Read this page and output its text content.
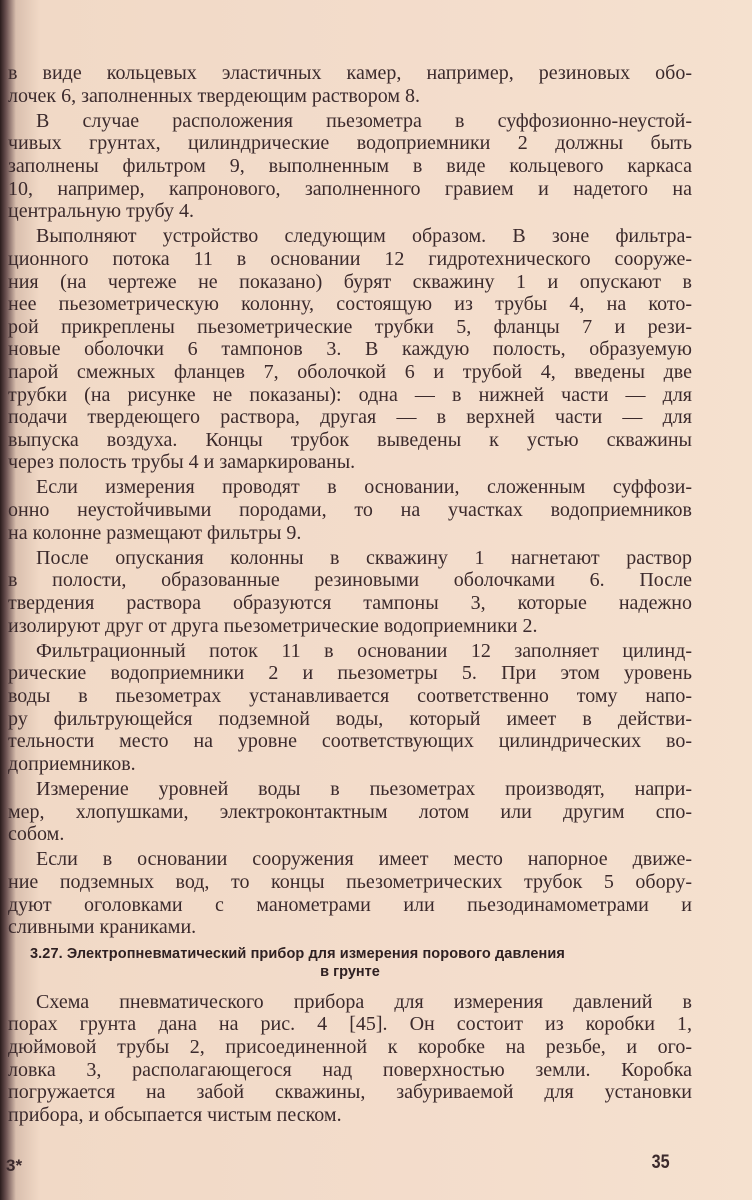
в виде кольцевых эластичных камер, например, резиновых обо-
лочек 6, заполненных твердеющим раствором 8.
В случае расположения пьезометра в суффозионно-неустой-
чивых грунтах, цилиндрические водоприемники 2 должны быть
заполнены фильтром 9, выполненным в виде кольцевого каркаса
10, например, капронового, заполненного гравием и надетого на
центральную трубу 4.
Выполняют устройство следующим образом. В зоне фильтра-
ционного потока 11 в основании 12 гидротехнического сооруже-
ния (на чертеже не показано) бурят скважину 1 и опускают в
нее пьезометрическую колонну, состоящую из трубы 4, на кото-
рой прикреплены пьезометрические трубки 5, фланцы 7 и рези-
новые оболочки 6 тампонов 3. В каждую полость, образуемую
парой смежных фланцев 7, оболочкой 6 и трубой 4, введены две
трубки (на рисунке не показаны): одна — в нижней части — для
подачи твердеющего раствора, другая — в верхней части — для
выпуска воздуха. Концы трубок выведены к устью скважины
через полость трубы 4 и замаркированы.
Если измерения проводят в основании, сложенным суффози-
онно неустойчивыми породами, то на участках водоприемников
на колонне размещают фильтры 9.
После опускания колонны в скважину 1 нагнетают раствор
в полости, образованные резиновыми оболочками 6. После
твердения раствора образуются тампоны 3, которые надежно
изолируют друг от друга пьезометрические водоприемники 2.
Фильтрационный поток 11 в основании 12 заполняет цилинд-
рические водоприемники 2 и пьезометры 5. При этом уровень
воды в пьезометрах устанавливается соответственно тому напо-
ру фильтрующейся подземной воды, который имеет в действи-
тельности место на уровне соответствующих цилиндрических во-
доприемников.
Измерение уровней воды в пьезометрах производят, напри-
мер, хлопушками, электроконтактным лотом или другим спо-
собом.
Если в основании сооружения имеет место напорное движе-
ние подземных вод, то концы пьезометрических трубок 5 обору-
дуют оголовками с манометрами или пьезодинамометрами и
сливными краниками.
3.27. Электропневматический прибор для измерения порового давления
в грунте
Схема пневматического прибора для измерения давлений в
порах грунта дана на рис. 4 [45]. Он состоит из коробки 1,
дюймовой трубы 2, присоединенной к коробке на резьбе, и ого-
ловка 3, располагающегося над поверхностью земли. Коробка
погружается на забой скважины, забуриваемой для установки
прибора, и обсыпается чистым песком.
3*	35
